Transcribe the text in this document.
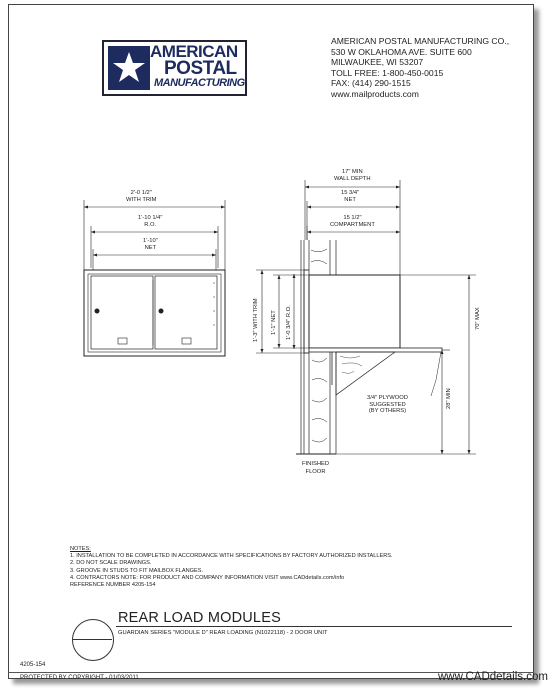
AMERICAN
POSTAL
MANUFACTURING
AMERICAN POSTAL MANUFACTURING CO.,
530 W OKLAHOMA AVE. SUITE 600
MILWAUKEE, WI 53207
TOLL FREE: 1-800-450-0015
FAX: (414) 290-1515
www.mailproducts.com
2'-0 1/2"
WITH TRIM
1'-10 1/4"
R.O.
1'-10"
NET
17" MIN
WALL DEPTH
15 3/4"
NET
15 1/2"
COMPARTMENT
1'-3" WITH TRIM 1'-1" NET 1'-0 3/4" R.O.	70" MAX
28" MIN
3/4" PLYWOOD
SUGGESTED
(BY OTHERS)
FINISHED
FLOOR
NOTES:
1. INSTALLATION TO BE COMPLETED IN ACCORDANCE WITH SPECIFICATIONS BY FACTORY AUTHORIZED INSTALLERS.
2. DO NOT SCALE DRAWINGS.
3. GROOVE IN STUDS TO FIT MAILBOX FLANGES.
4. CONTRACTORS NOTE: FOR PRODUCT AND COMPANY INFORMATION VISIT www.CADdetails.com/info
REFERENCE NUMBER 4205-154
REAR LOAD MODULES
GUARDIAN SERIES "MODULE D" REAR LOADING (N1022118) - 2 DOOR UNIT
4205-154
PROTECTED BY COPYRIGHT - 01/03/2011	www.CADdetails.com
